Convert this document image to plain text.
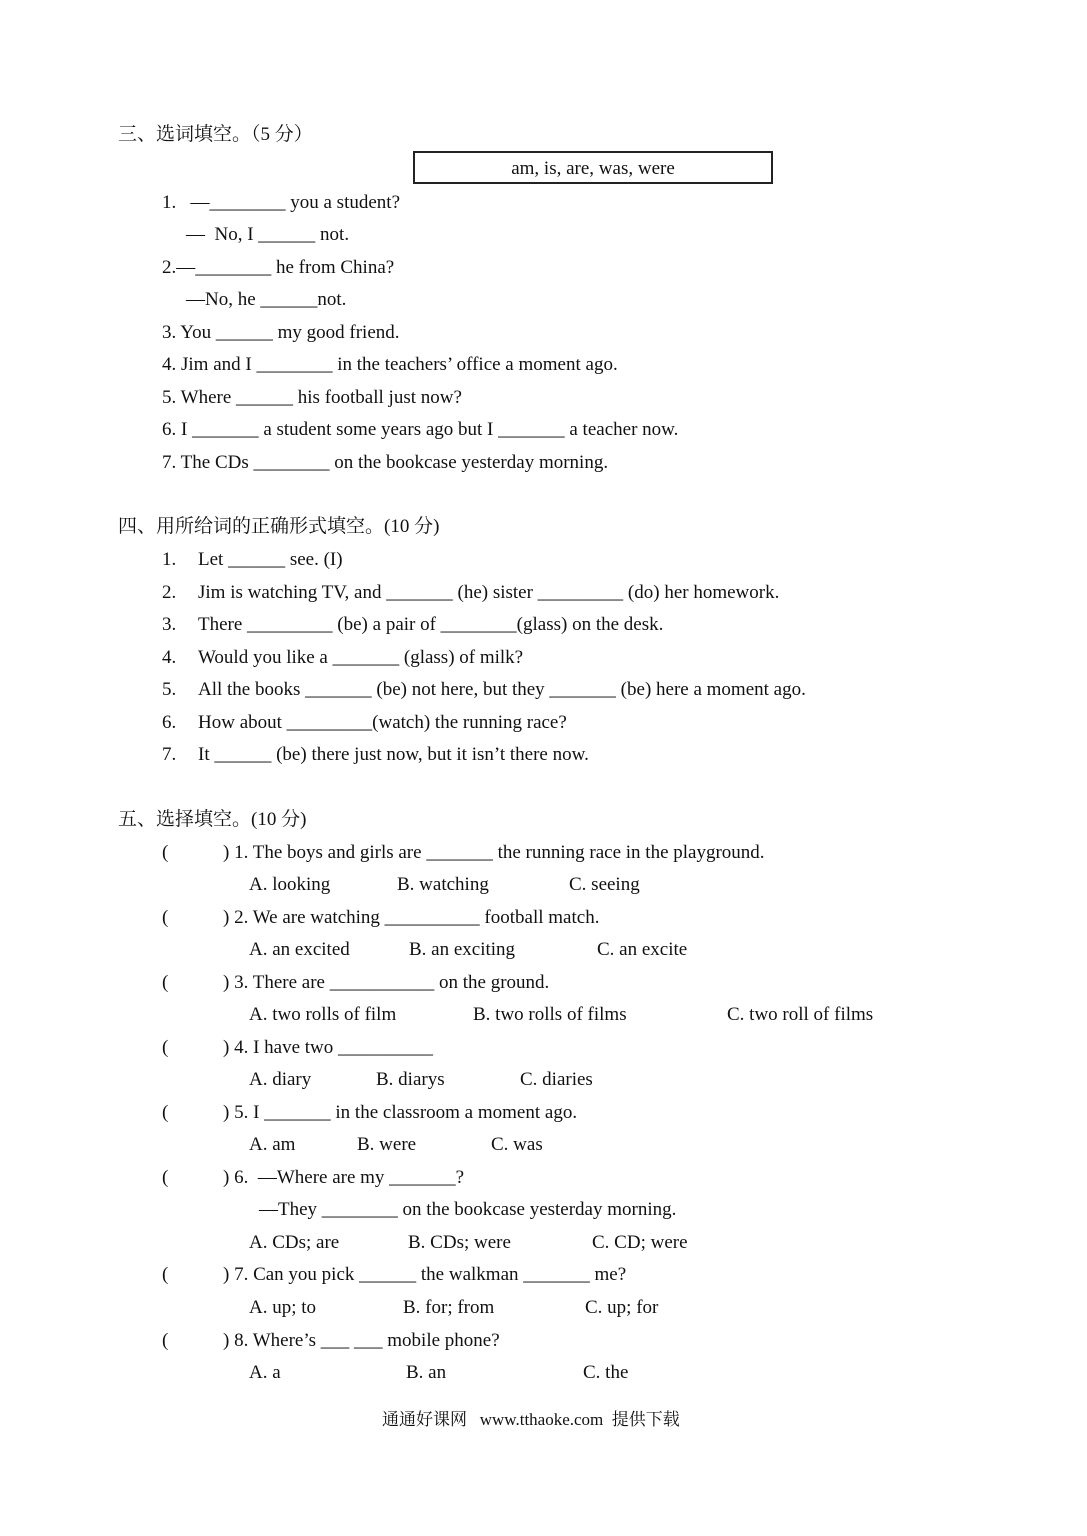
三、选词填空。（5 分）
am, is, are, was, were
1.   —________ you a student?
—  No, I ______ not.
2.—________ he from China?
—No, he ______not.
3. You ______ my good friend.
4. Jim and I ________ in the teachers’ office a moment ago.
5. Where ______ his football just now?
6. I _______ a student some years ago but I _______ a teacher now.
7. The CDs ________ on the bookcase yesterday morning.
四、用所给词的正确形式填空。(10 分)
1. Let ______ see. (I)
2. Jim is watching TV, and _______ (he) sister _________ (do) her homework.
3. There _________ (be) a pair of ________(glass) on the desk.
4. Would you like a _______ (glass) of milk?
5. All the books _______ (be) not here, but they _______ (be) here a moment ago.
6. How about _________(watch) the running race?
7. It ______ (be) there just now, but it isn’t there now.
五、选择填空。(10 分)
(	) 1. The boys and girls are _______ the running race in the playground.
A. looking	B. watching	C. seeing
(	) 2. We are watching __________ football match.
A. an excited	B. an exciting	C. an excite
(	) 3. There are ___________ on the ground.
A. two rolls of film	B. two rolls of films	C. two roll of films
(	) 4. I have two __________
A. diary	B. diarys	C. diaries
(	) 5. I _______ in the classroom a moment ago.
A. am	B. were	C. was
(	) 6.  —Where are my _______?
—They ________ on the bookcase yesterday morning.
A. CDs; are	B. CDs; were	C. CD; were
(	) 7. Can you pick ______ the walkman _______ me?
A. up; to	B. for; from	C. up; for
(	) 8. Where’s ___ ___ mobile phone?
A. a	B. an	C. the
通通好课网   www.tthaoke.com  提供下载
